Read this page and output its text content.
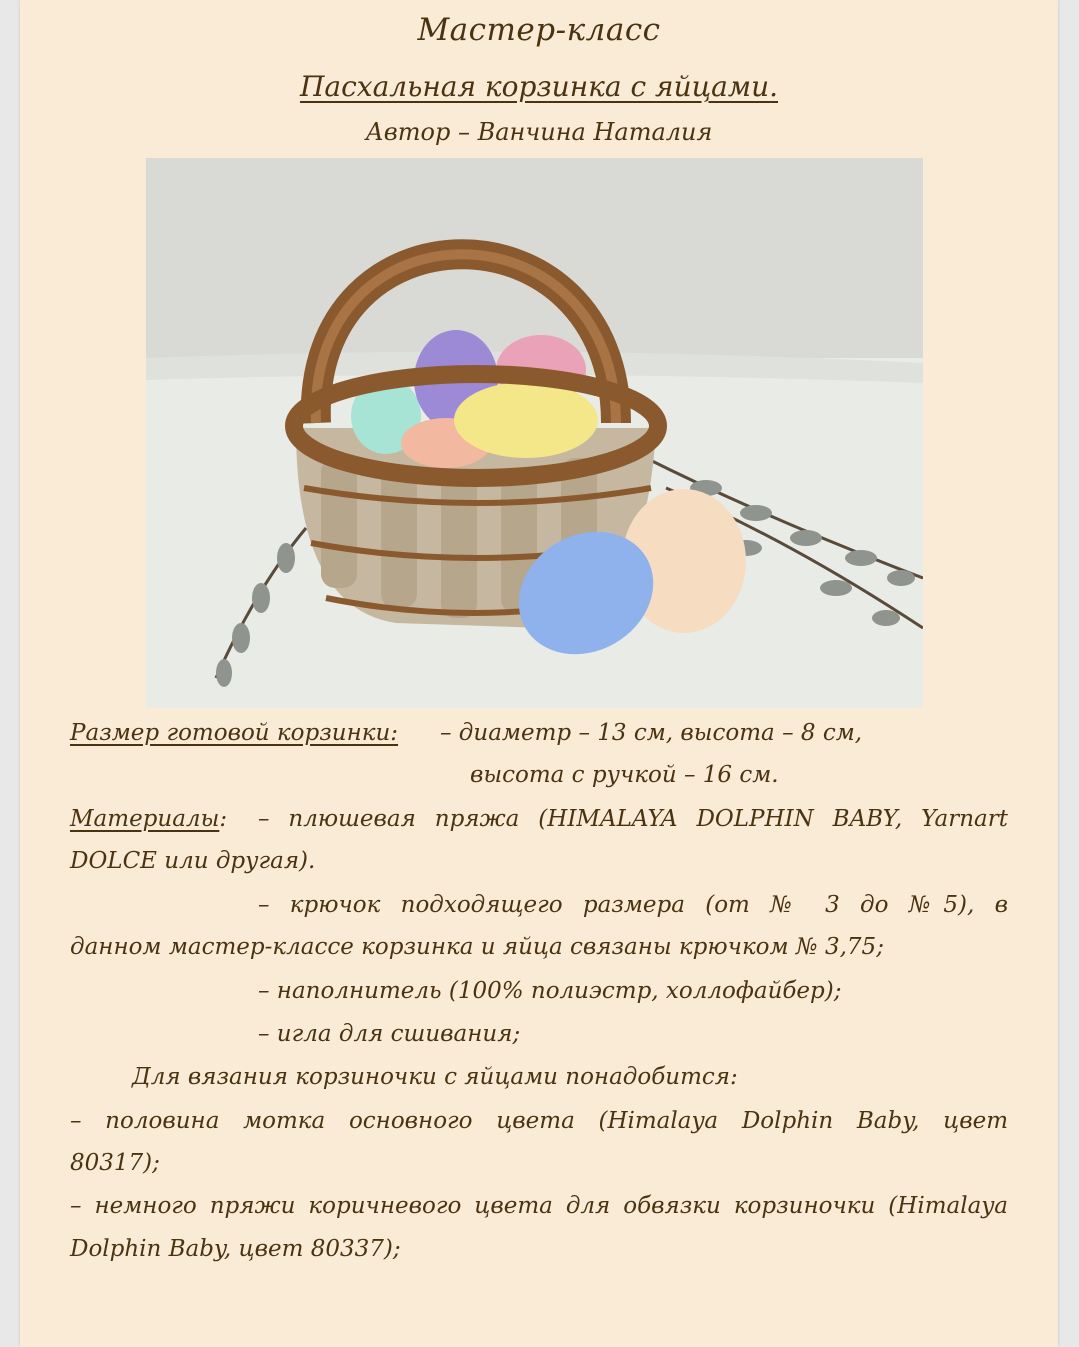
Мастер-класс
Пасхальная корзинка с яйцами.
Автор – Ванчина Наталия
Размер готовой корзинки: – диаметр – 13 см, высота – 8 см,
высота с ручкой – 16 см.
Материалы: – плюшевая пряжа (HIMALAYA DOLPHIN BABY, Yarnart
DOLCE или другая).
– крючок подходящего размера (от № 3 до №5), в
данном мастер-классе корзинка и яйца связаны крючком № 3,75;
– наполнитель (100% полиэстр, холлофайбер);
– игла для сшивания;
Для вязания корзиночки с яйцами понадобится:
– половина мотка основного цвета (Himalaya Dolphin Baby, цвет
80317);
– немного пряжи коричневого цвета для обвязки корзиночки (Himalaya
Dolphin Baby, цвет 80337);
